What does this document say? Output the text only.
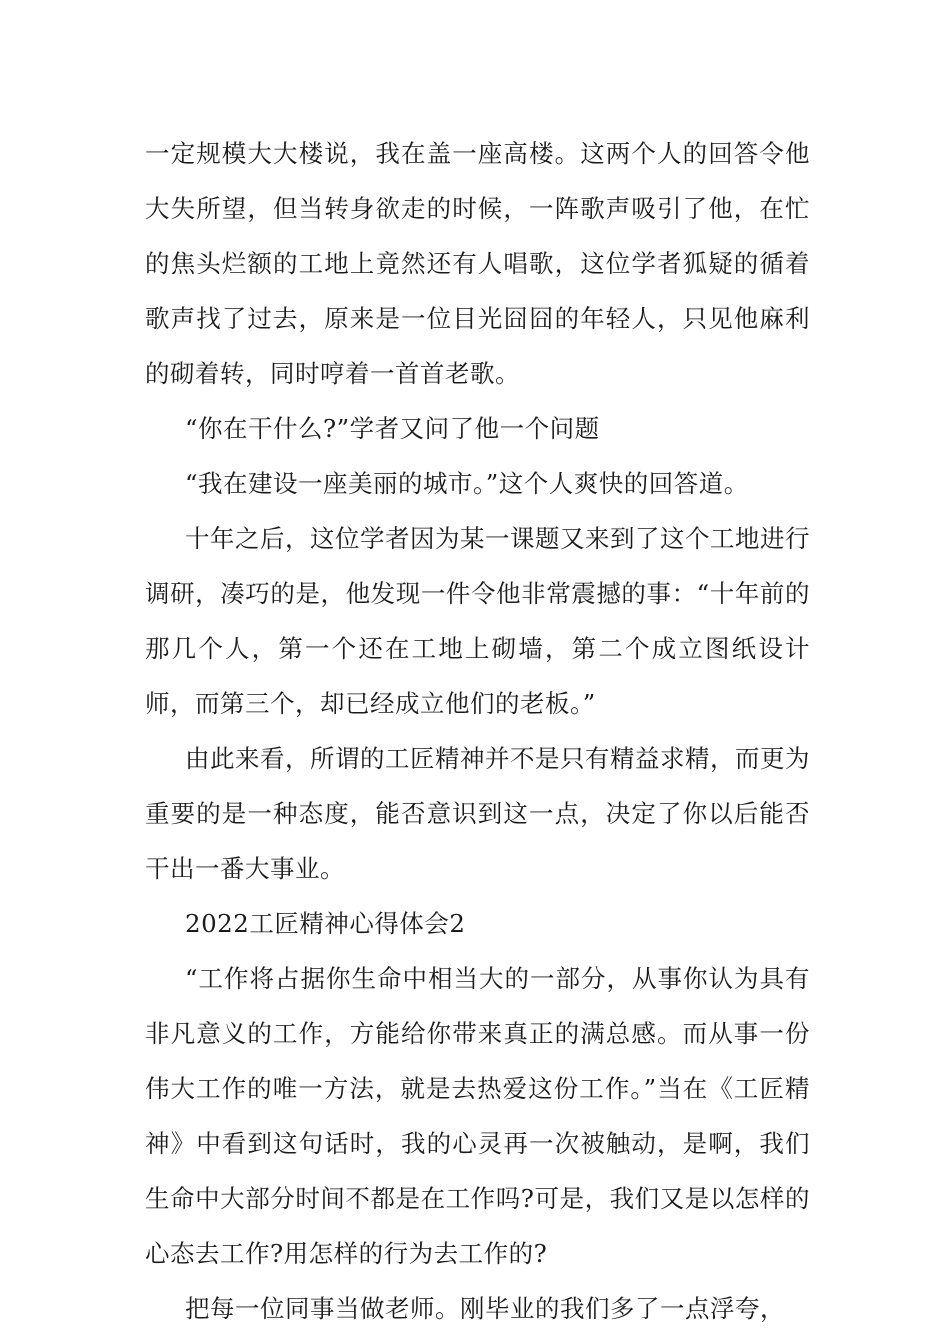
一定规模大大楼说，我在盖一座高楼。这两个人的回答令他大失所望，但当转身欲走的时候，一阵歌声吸引了他，在忙的焦头烂额的工地上竟然还有人唱歌，这位学者狐疑的循着歌声找了过去，原来是一位目光囧囧的年轻人，只见他麻利的砌着转，同时哼着一首首老歌。

“你在干什么?”学者又问了他一个问题

“我在建设一座美丽的城市。”这个人爽快的回答道。

十年之后，这位学者因为某一课题又来到了这个工地进行调研，凑巧的是，他发现一件令他非常震撼的事：“十年前的那几个人，第一个还在工地上砌墙，第二个成立图纸设计师，而第三个，却已经成立他们的老板。”

由此来看，所谓的工匠精神并不是只有精益求精，而更为重要的是一种态度，能否意识到这一点，决定了你以后能否干出一番大事业。

2022工匠精神心得体会2

“工作将占据你生命中相当大的一部分，从事你认为具有非凡意义的工作，方能给你带来真正的满总感。而从事一份伟大工作的唯一方法，就是去热爱这份工作。”当在《工匠精神》中看到这句话时，我的心灵再一次被触动，是啊，我们生命中大部分时间不都是在工作吗?可是，我们又是以怎样的心态去工作?用怎样的行为去工作的?

把每一位同事当做老师。刚毕业的我们多了一点浮夸，
